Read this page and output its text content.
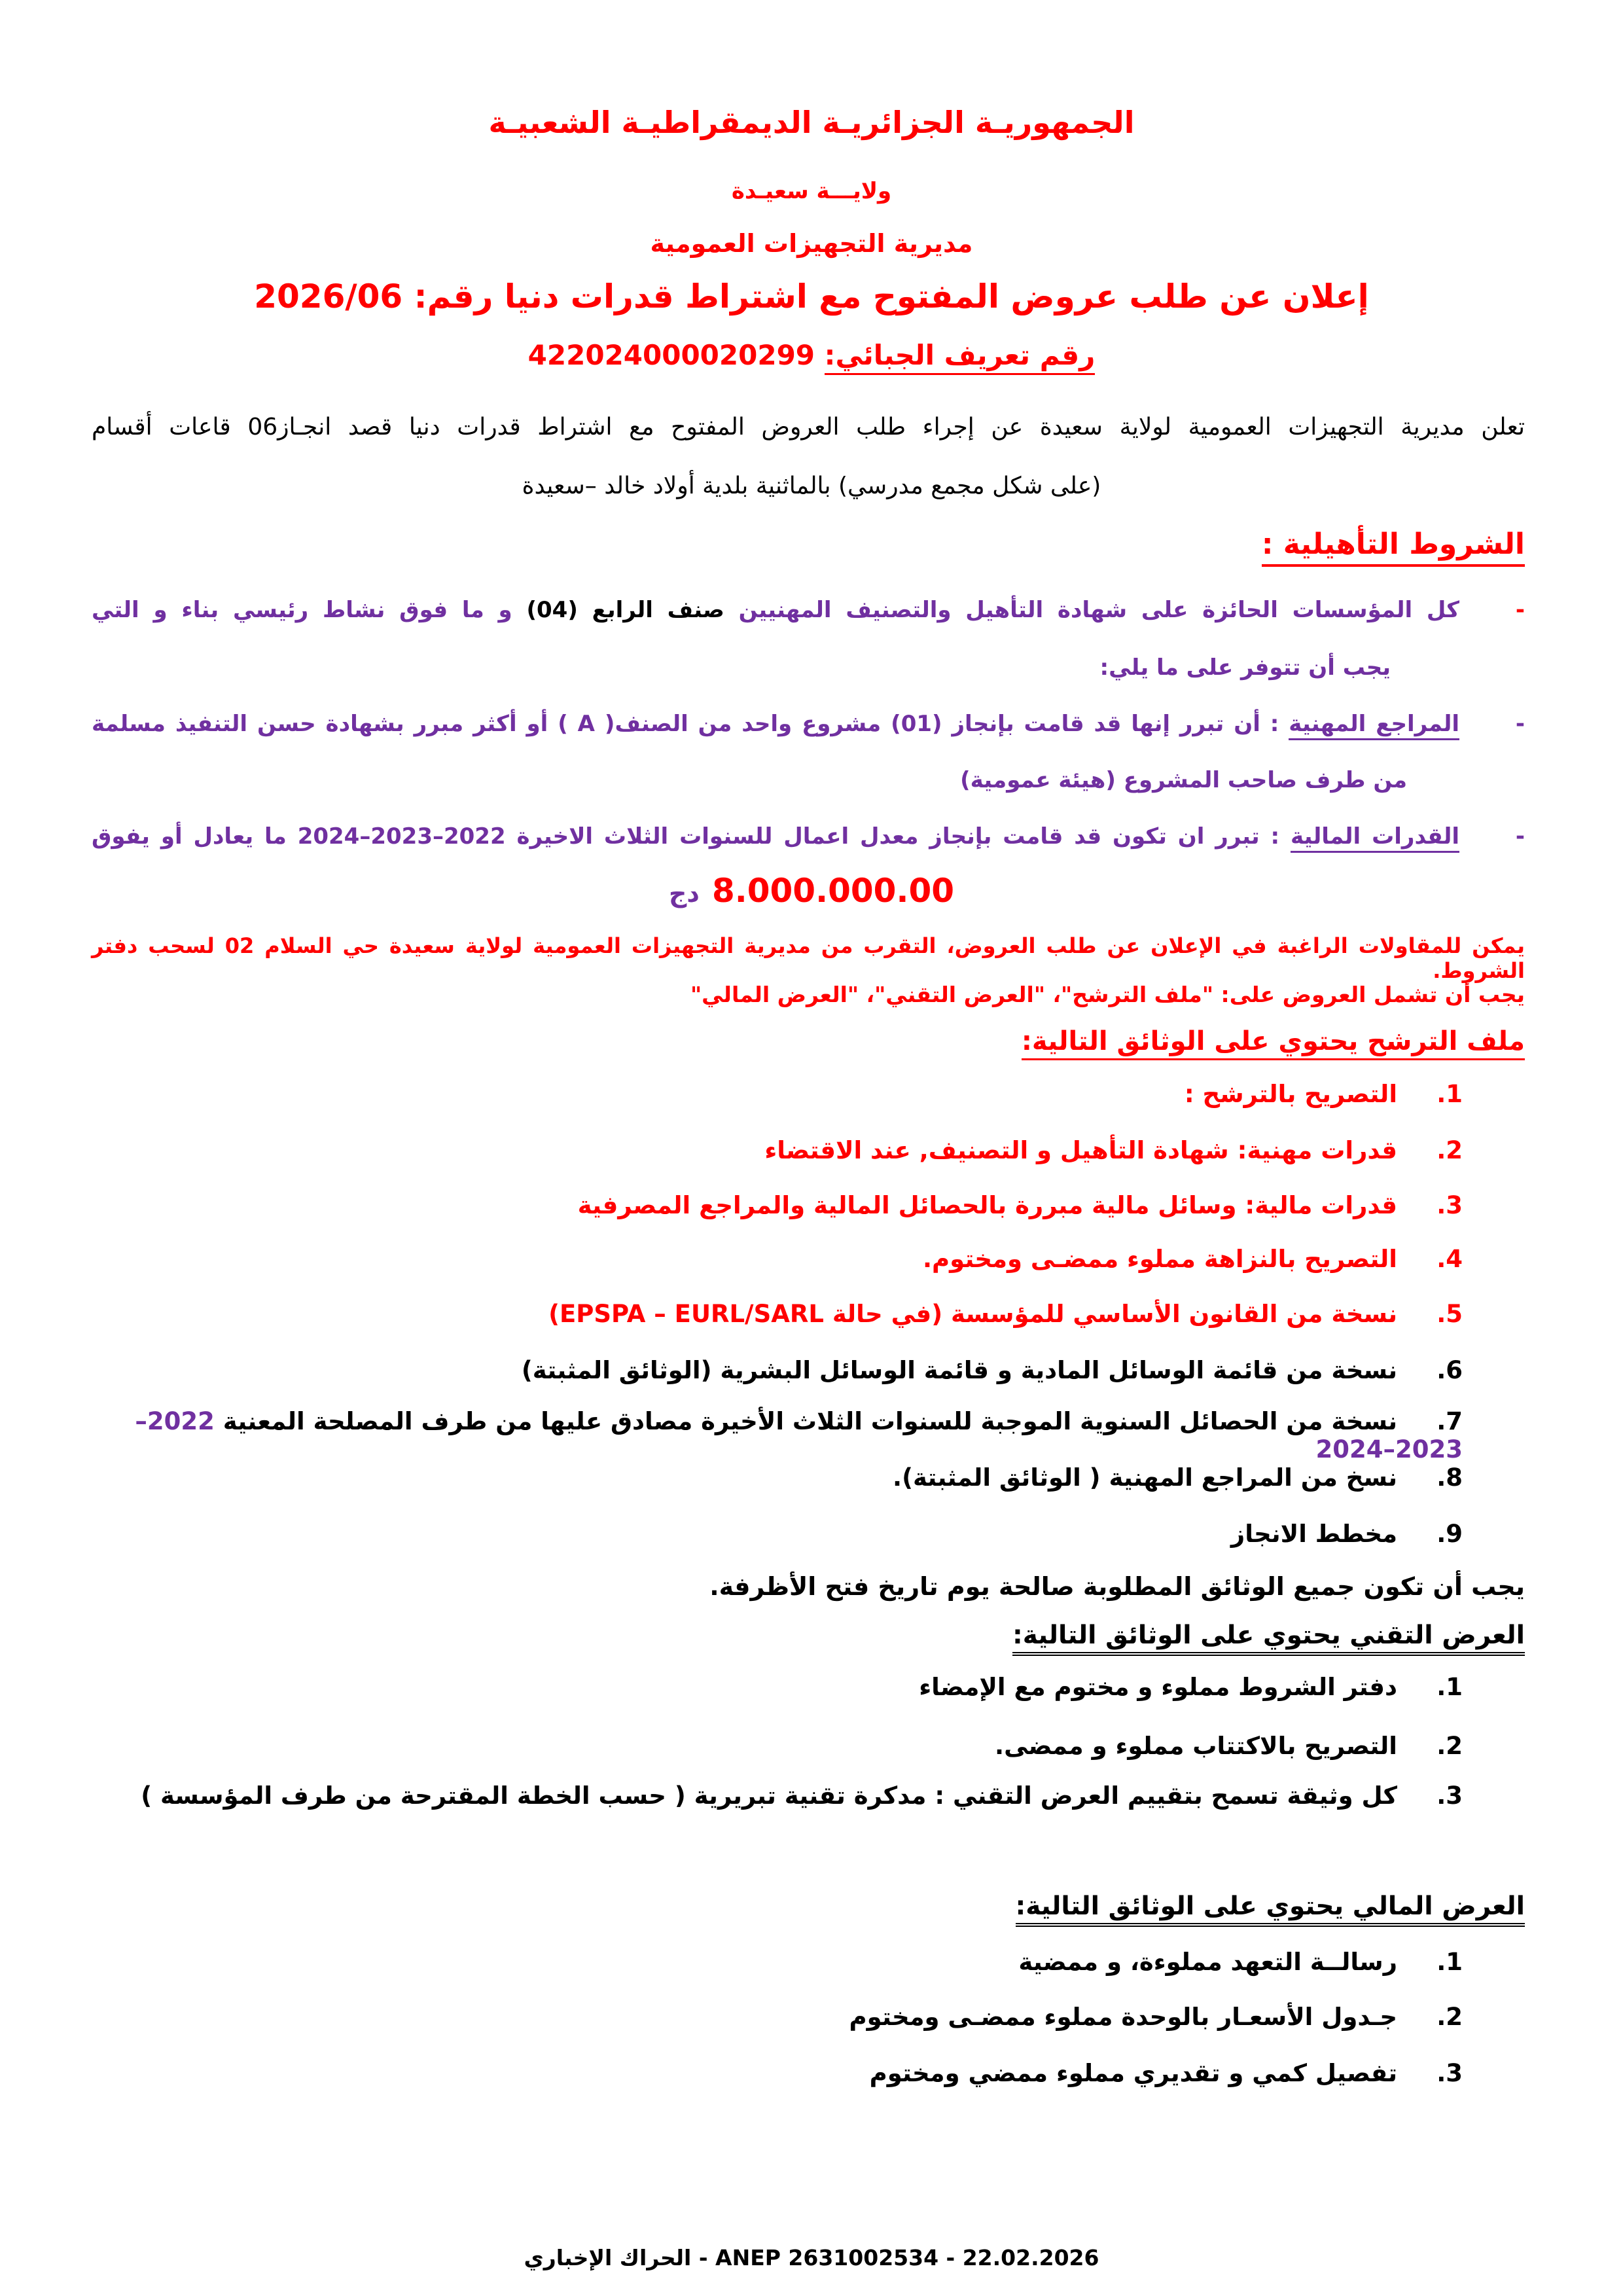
الجمهوريـة الجزائريـة الديمقراطيـة الشعبيـة
ولايـــة سعيـدة
مديرية التجهيزات العمومية
إعلان عن طلب عروض المفتوح مع اشتراط قدرات دنيا رقم: 2026/06
رقم تعريف الجبائي: 422024000020299
تعلن مديرية التجهيزات العمومية لولاية سعيدة عن إجراء طلب العروض المفتوح مع اشتراط قدرات دنيا قصد انجـاز06 قاعات أقسام
(على شكل مجمع مدرسي) بالماثنية بلدية أولاد خالد –سعيدة
الشروط التأهيلية :
-كل المؤسسات الحائزة على شهادة التأهيل والتصنيف المهنيين صنف الرابع (04) و ما فوق نشاط رئيسي بناء و التي
يجب أن تتوفر على ما يلي:
-المراجع المهنية : أن تبرر إنها قد قامت بإنجاز (01) مشروع واحد من الصنف( A ) أو أكثر مبرر بشهادة حسن التنفيذ مسلمة
من طرف صاحب المشروع (هيئة عمومية)
-القدرات المالية : تبرر ان تكون قد قامت بإنجاز معدل اعمال للسنوات الثلاث الاخيرة 2022–2023–2024 ما يعادل أو يفوق
8.000.000.00 دج
يمكن للمقاولات الراغبة في الإعلان عن طلب العروض، التقرب من مديرية التجهيزات العمومية لولاية سعيدة حي السلام 02 لسحب دفتر الشروط.
يجب أن تشمل العروض على: "ملف الترشح"، "العرض التقني"، "العرض المالي"
ملف الترشح يحتوي على الوثائق التالية:
1.التصريح بالترشح :
2.قدرات مهنية: شهادة التأهيل و التصنيف, عند الاقتضاء
3.قدرات مالية: وسائل مالية مبررة بالحصائل المالية والمراجع المصرفية
4.التصريح بالنزاهة مملوء ممضـى ومختوم.
5.نسخة من القانون الأساسي للمؤسسة (في حالة EPSPA – EURL/SARL)
6.نسخة من قائمة الوسائل المادية و قائمة الوسائل البشرية (الوثائق المثبتة)
7.نسخة من الحصائل السنوية الموجبة للسنوات الثلاث الأخيرة مصادق عليها من طرف المصلحة المعنية 2022–2023–2024
8.نسخ من المراجع المهنية ( الوثائق المثبتة).
9.مخطط الانجاز
يجب أن تكون جميع الوثائق المطلوبة صالحة يوم تاريخ فتح الأظرفة.
العرض التقني يحتوي على الوثائق التالية:
1.دفتر الشروط مملوء و مختوم مع الإمضاء
2.التصريح بالاكتتاب مملوء و ممضى.
3.كل وثيقة تسمح بتقييم العرض التقني : مدكرة تقنية تبريرية ( حسب الخطة المقترحة من طرف المؤسسة )
العرض المالي يحتوي على الوثائق التالية:
1.رسالــة التعهد مملوءة، و ممضية
2.جـدول الأسعـار بالوحدة مملوء ممضـى ومختوم
3.تفصيل كمي و تقديري مملوء ممضي ومختوم
الحراك الإخباري - ANEP 2631002534 - 22.02.2026
